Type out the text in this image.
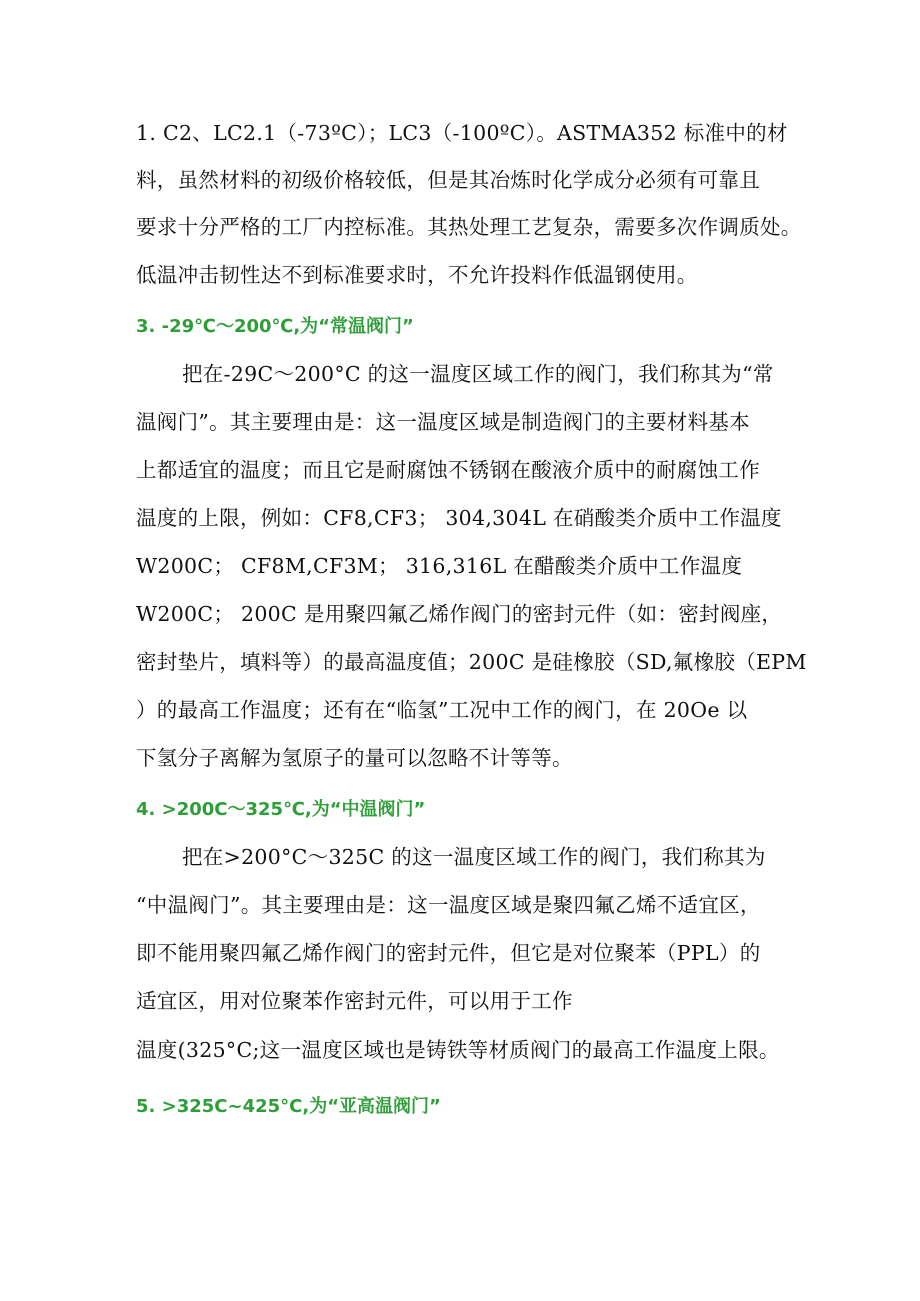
1. C2、LC2.1（-73ºC）；LC3（-100ºC）。ASTMA352 标准中的材
料，虽然材料的初级价格较低，但是其冶炼时化学成分必须有可靠且
要求十分严格的工厂内控标准。其热处理工艺复杂，需要多次作调质处。
低温冲击韧性达不到标准要求时，不允许投料作低温钢使用。
3. -29℃～200℃,为“常温阀门”
把在-29C～200°C 的这一温度区域工作的阀门，我们称其为“常
温阀门”。其主要理由是：这一温度区域是制造阀门的主要材料基本
上都适宜的温度；而且它是耐腐蚀不锈钢在酸液介质中的耐腐蚀工作
温度的上限，例如：CF8,CF3； 304,304L 在硝酸类介质中工作温度
W200C； CF8M,CF3M； 316,316L 在醋酸类介质中工作温度
W200C； 200C 是用聚四氟乙烯作阀门的密封元件（如：密封阀座，
密封垫片，填料等）的最高温度值；200C 是硅橡胶（SD,氟橡胶（EPM
）的最高工作温度；还有在“临氢”工况中工作的阀门，在 20Oe 以
下氢分子离解为氢原子的量可以忽略不计等等。
4. >200C～325℃,为“中温阀门”
把在>200°C～325C 的这一温度区域工作的阀门，我们称其为
“中温阀门”。其主要理由是：这一温度区域是聚四氟乙烯不适宜区，
即不能用聚四氟乙烯作阀门的密封元件，但它是对位聚苯（PPL）的
适宜区，用对位聚苯作密封元件，可以用于工作
温度(325°C;这一温度区域也是铸铁等材质阀门的最高工作温度上限。
5. >325C~425°C,为“亚高温阀门”
